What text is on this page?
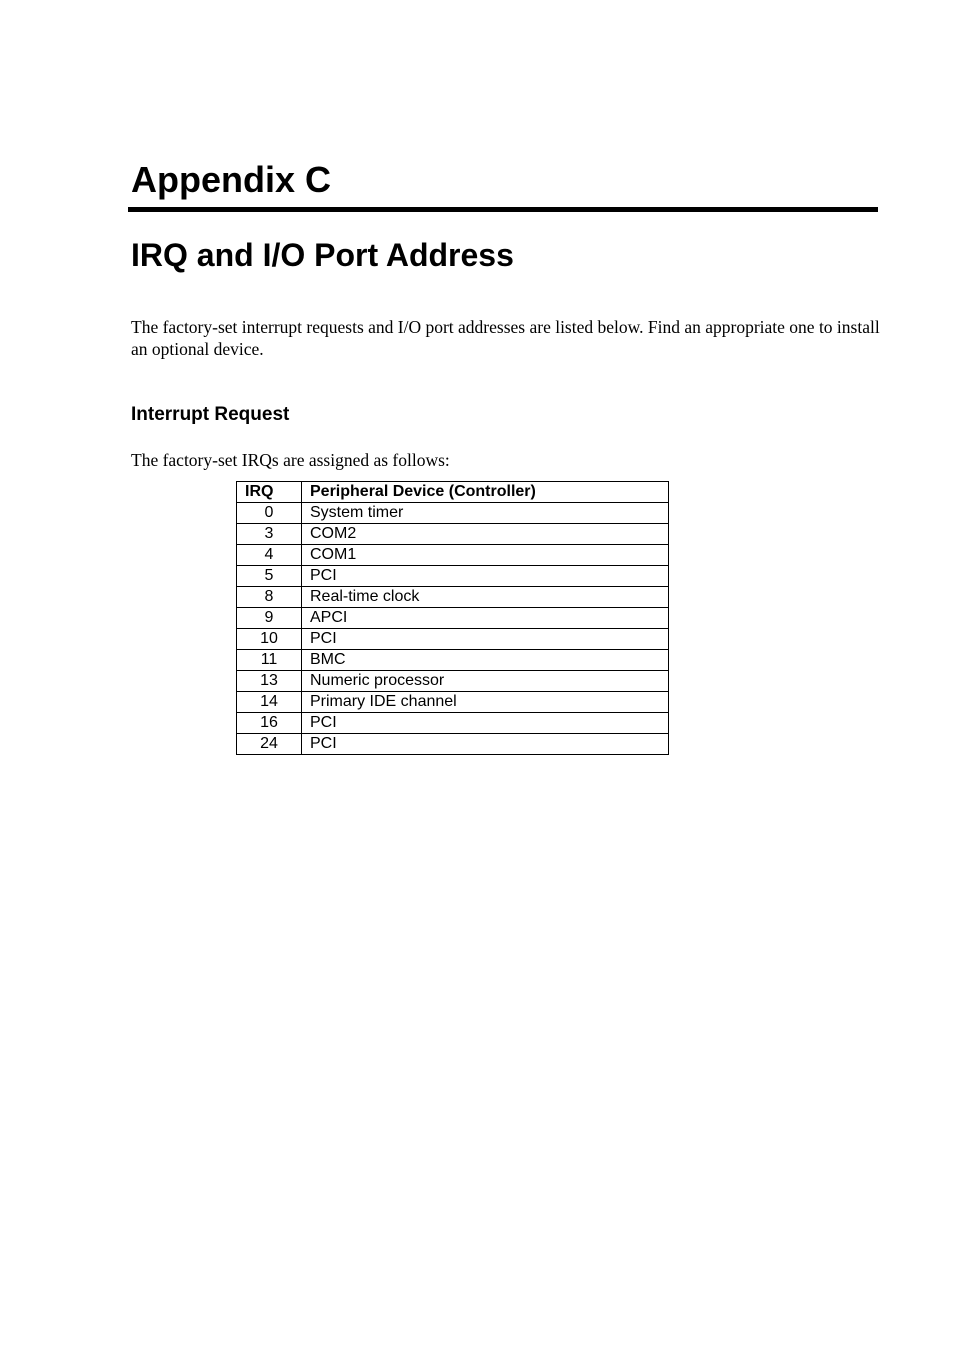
Appendix C
IRQ and I/O Port Address

The factory-set interrupt requests and I/O port addresses are listed below. Find an appropriate one to install an optional device.

Interrupt Request

The factory-set IRQs are assigned as follows:

IRQ	Peripheral Device (Controller)
0	System timer
3	COM2
4	COM1
5	PCI
8	Real-time clock
9	APCI
10	PCI
11	BMC
13	Numeric processor
14	Primary IDE channel
16	PCI
24	PCI
